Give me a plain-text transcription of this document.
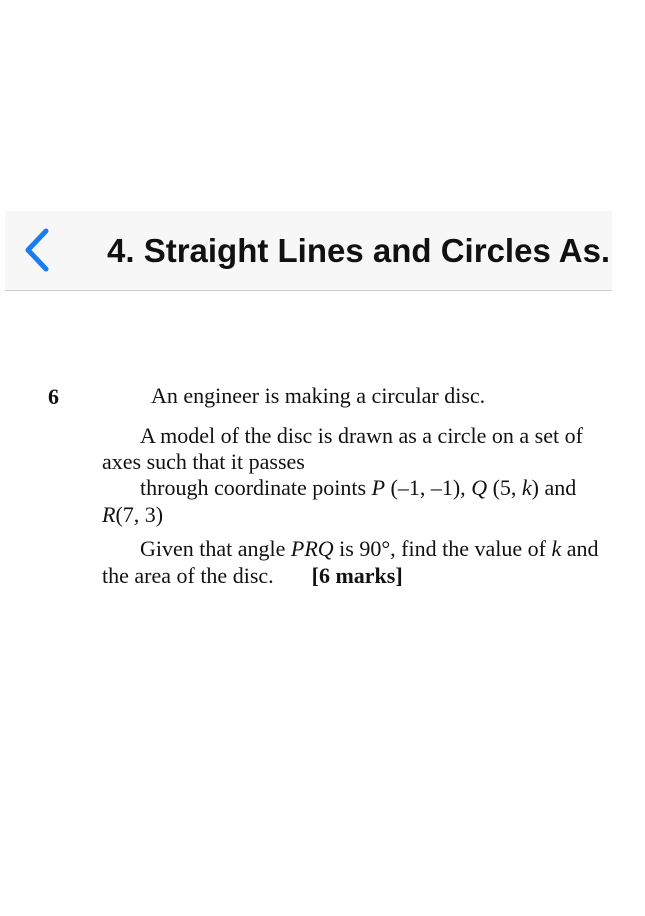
4. Straight Lines and Circles As.
6	An engineer is making a circular disc.
A model of the disc is drawn as a circle on a set of
axes such that it passes
through coordinate points P (–1, –1), Q (5, k) and
R(7, 3)
Given that angle PRQ is 90°, find the value of k and
the area of the disc. [6 marks]
